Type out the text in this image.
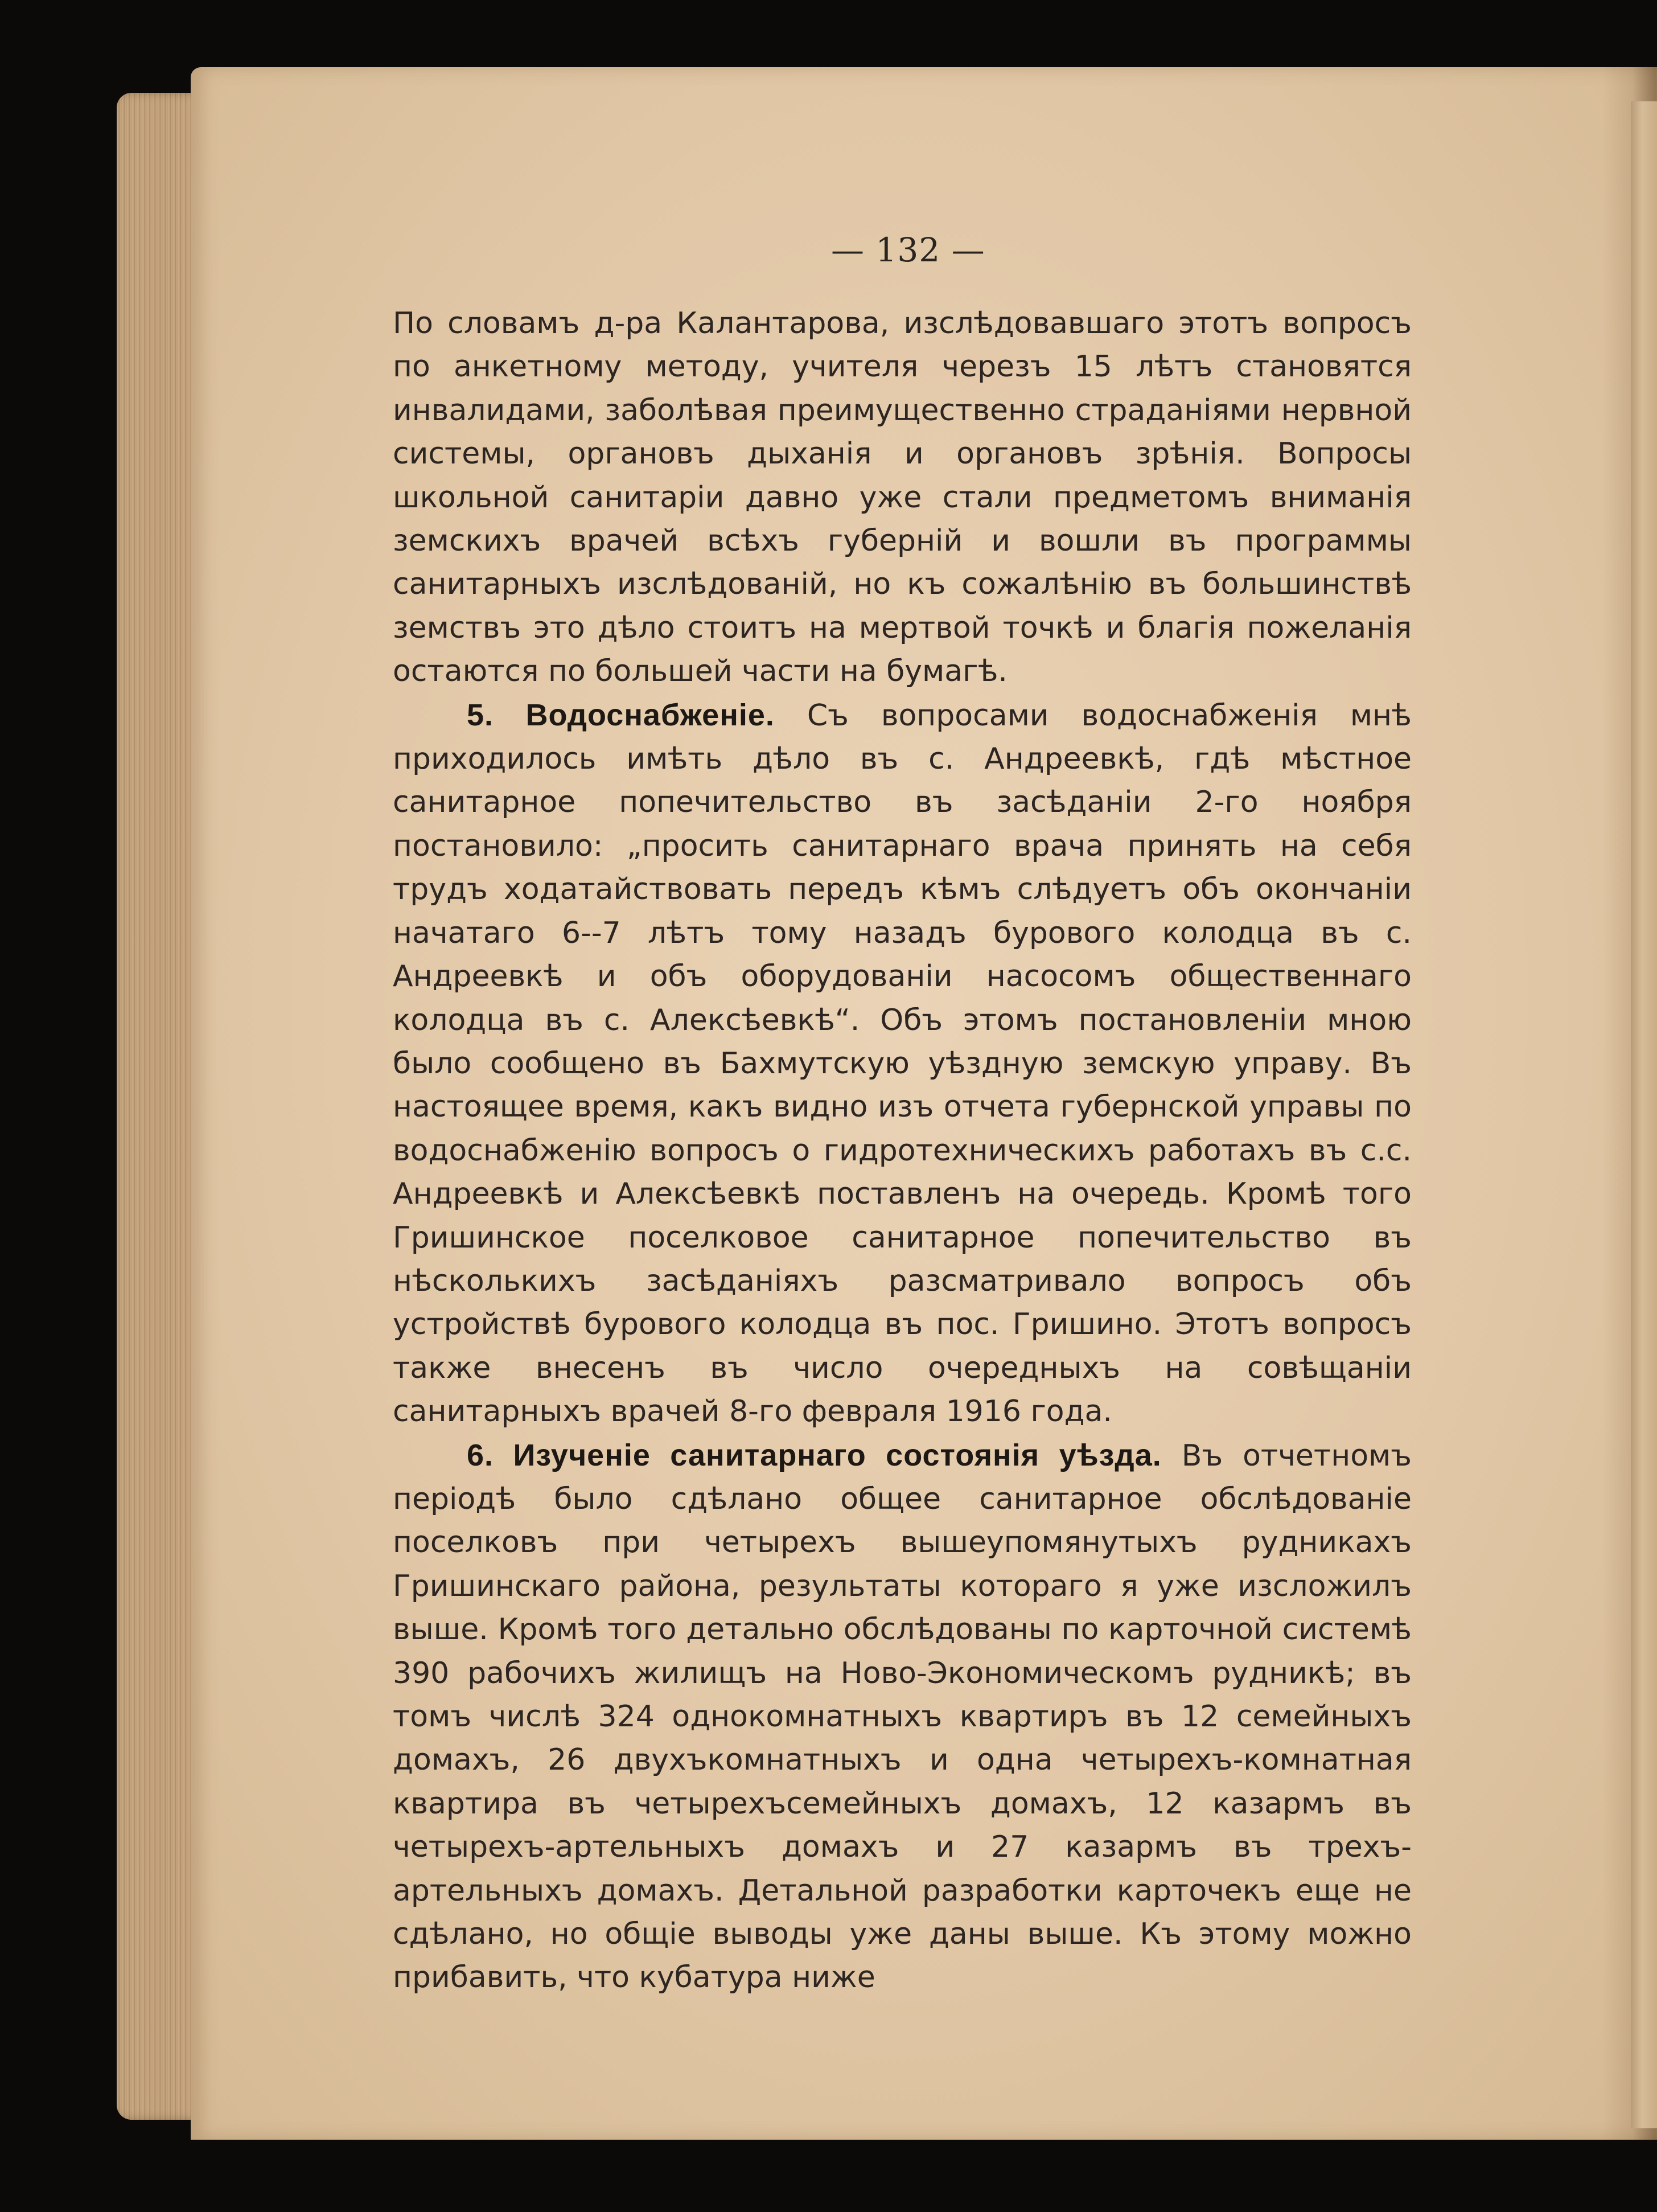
— 132 —

По словамъ д-ра Калантарова, изслѣдовавшаго этотъ вопросъ по анкетному методу, учителя черезъ 15 лѣтъ становятся инвалидами, заболѣвая преимущественно страданіями нервной системы, органовъ дыханія и органовъ зрѣнія. Вопросы школьной санитаріи давно уже стали предметомъ вниманія земскихъ врачей всѣхъ губерній и вошли въ программы санитарныхъ изслѣдованій, но къ сожалѣнію въ большинствѣ земствъ это дѣло стоитъ на мертвой точкѣ и благія пожеланія остаются по большей части на бумагѣ.

5. Водоснабженіе. Съ вопросами водоснабженія мнѣ приходилось имѣть дѣло въ с. Андреевкѣ, гдѣ мѣстное санитарное попечительство въ засѣданіи 2-го ноября постановило: „просить санитарнаго врача принять на себя трудъ ходатайствовать передъ кѣмъ слѣдуетъ объ окончаніи начатаго 6--7 лѣтъ тому назадъ бурового колодца въ с. Андреевкѣ и объ оборудованіи насосомъ общественнаго колодца въ с. Алексѣевкѣ“. Объ этомъ постановленіи мною было сообщено въ Бахмутскую уѣздную земскую управу. Въ настоящее время, какъ видно изъ отчета губернской управы по водоснабженію вопросъ о гидротехническихъ работахъ въ с.с. Андреевкѣ и Алексѣевкѣ поставленъ на очередь. Кромѣ того Гришинское поселковое санитарное попечительство въ нѣсколькихъ засѣданіяхъ разсматривало вопросъ объ устройствѣ бурового колодца въ пос. Гришино. Этотъ вопросъ также внесенъ въ число очередныхъ на совѣщаніи санитарныхъ врачей 8-го февраля 1916 года.

6. Изученіе санитарнаго состоянія уѣзда. Въ отчетномъ періодѣ было сдѣлано общее санитарное обслѣдованіе поселковъ при четырехъ вышеупомянутыхъ рудникахъ Гришинскаго района, результаты котораго я уже изсложилъ выше. Кромѣ того детально обслѣдованы по карточной системѣ 390 рабочихъ жилищъ на Ново-Экономическомъ рудникѣ; въ томъ числѣ 324 однокомнатныхъ квартиръ въ 12 семейныхъ домахъ, 26 двухъкомнатныхъ и одна четырехъ-комнатная квартира въ четырехъсемейныхъ домахъ, 12 казармъ въ четырехъ-артельныхъ домахъ и 27 казармъ въ трехъ-артельныхъ домахъ. Детальной разработки карточекъ еще не сдѣлано, но общіе выводы уже даны выше. Къ этому можно прибавить, что кубатура ниже
